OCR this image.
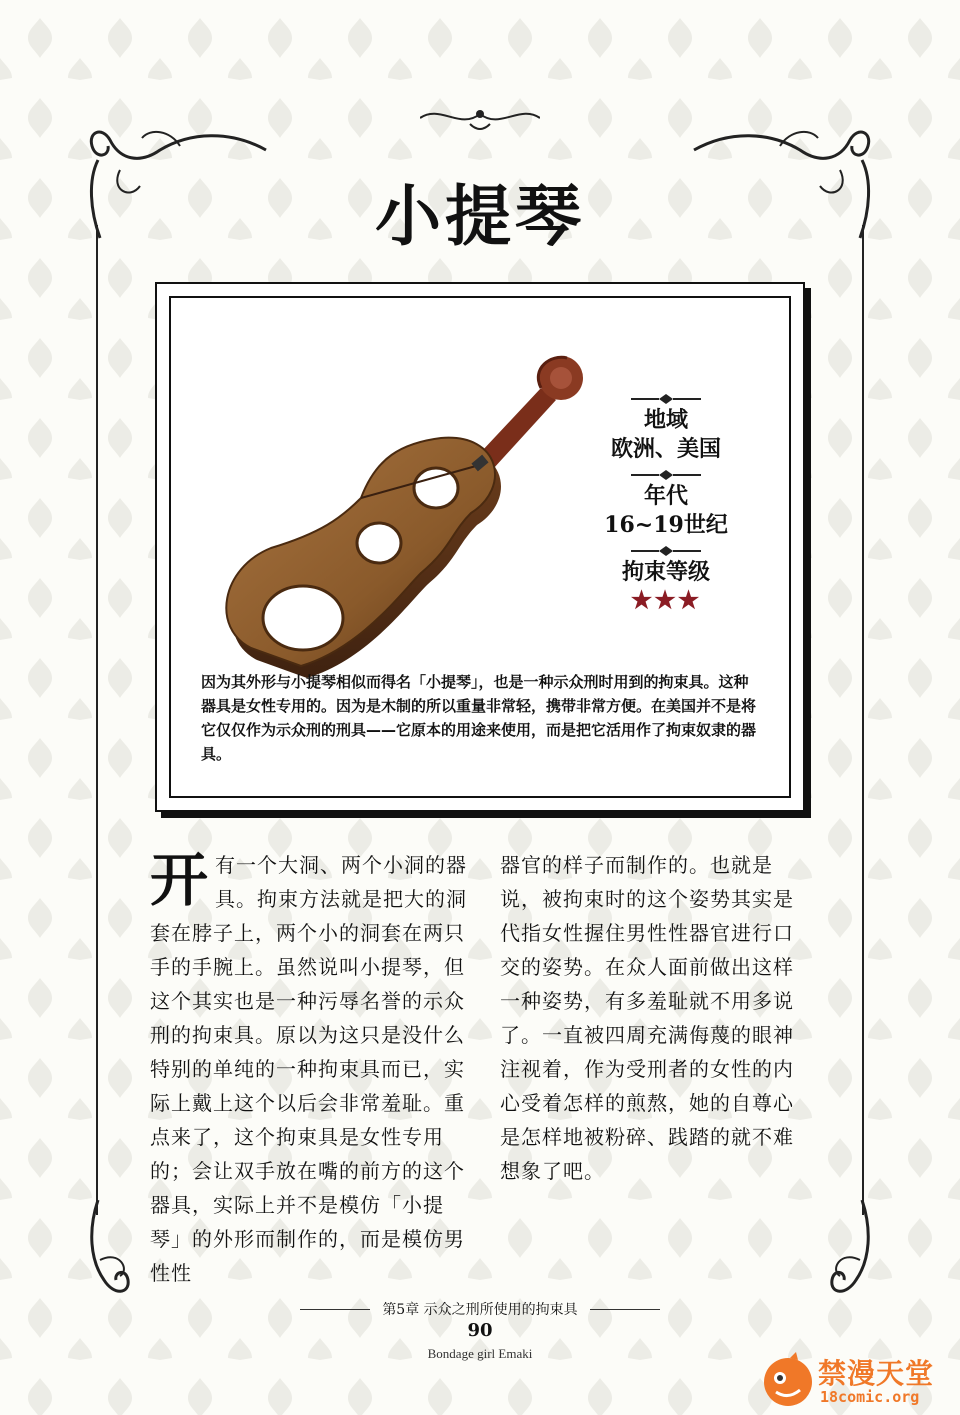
小提琴
地域
欧洲、美国
年代
16~19世纪
拘束等级
★★★
因为其外形与小提琴相似而得名「小提琴」，也是一种示众刑时用到的拘束具。这种器具是女性专用的。因为是木制的所以重量非常轻，携带非常方便。在美国并不是将它仅仅作为示众刑的刑具——它原本的用途来使用，而是把它活用作了拘束奴隶的器具。
开 有一个大洞、两个小洞的器具。拘束方法就是把大的洞套在脖子上，两个小的洞套在两只手的手腕上。虽然说叫小提琴，但这个其实也是一种污辱名誉的示众刑的拘束具。原以为这只是没什么特别的单纯的一种拘束具而已，实际上戴上这个以后会非常羞耻。重点来了，这个拘束具是女性专用的；会让双手放在嘴的前方的这个器具，实际上并不是模仿「小提琴」的外形而制作的，而是模仿男性性
器官的样子而制作的。也就是说，被拘束时的这个姿势其实是代指女性握住男性性器官进行口交的姿势。在众人面前做出这样一种姿势，有多羞耻就不用多说了。一直被四周充满侮蔑的眼神注视着，作为受刑者的女性的内心受着怎样的煎熬，她的自尊心是怎样地被粉碎、践踏的就不难想象了吧。
第5章 示众之刑所使用的拘束具
90
Bondage girl Emaki
禁漫天堂
18comic.org
